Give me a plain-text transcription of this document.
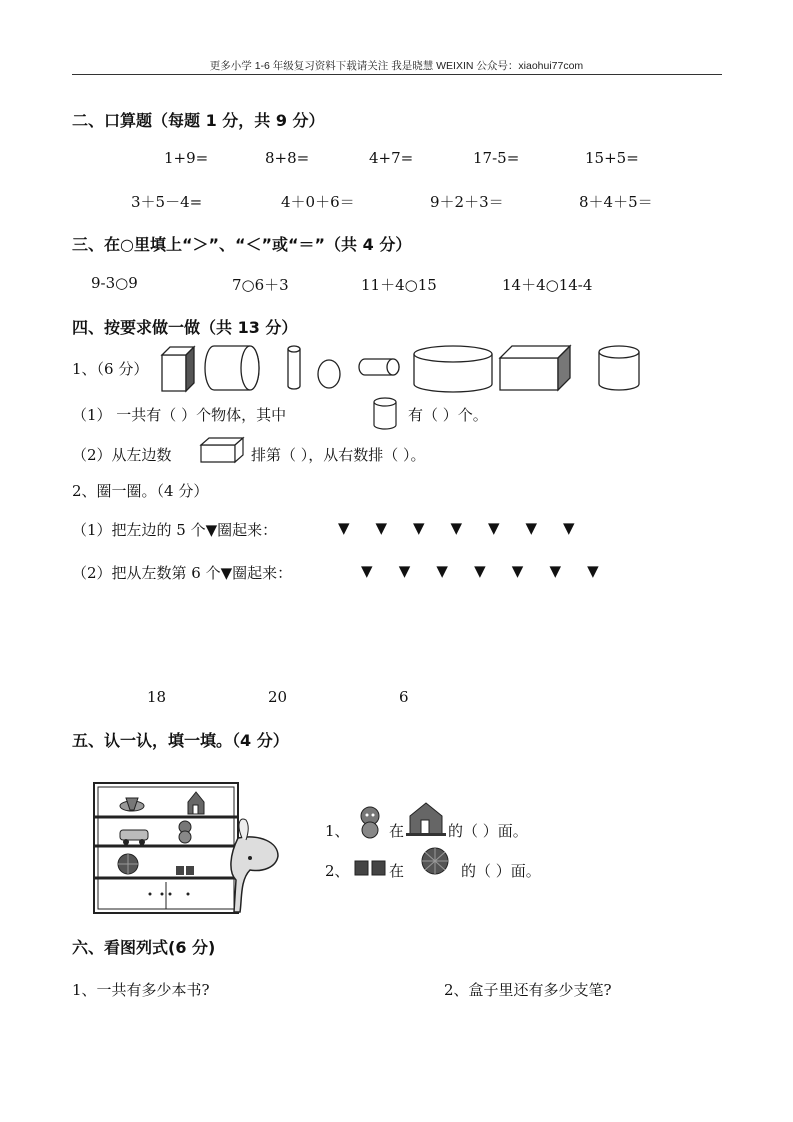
更多小学 1-6 年级复习资料下载请关注 我是晓慧 WEIXIN 公众号：xiaohui77com
二、口算题（每题 1 分，共 9 分）
1+9=	8+8=	4+7=	17-5=	15+5=
3＋5－4=	4＋0＋6＝	9＋2＋3＝	8＋4＋5＝
三、在○里填上“＞”、“＜”或“＝”（共 4 分）
9-3○9	7○6＋3	11＋4○15	14＋4○14-4
四、按要求做一做（共 13 分）
1、（6 分）
（1） 一共有（ ）个物体，其中	有（ ）个。
（2）从左边数	排第（ ），从右数排（ ）。
2、圈一圈。（4 分）
（1）把左边的 5 个▼圈起来：	▼ ▼ ▼ ▼ ▼ ▼ ▼
（2）把从左数第 6 个▼圈起来：	▼ ▼ ▼ ▼ ▼ ▼ ▼
18	20	6
五、认一认，填一填。（4 分）
1、	在	的（ ）面。
2、	在	的（ ）面。
六、看图列式(6 分)
1、一共有多少本书?	2、盒子里还有多少支笔?
